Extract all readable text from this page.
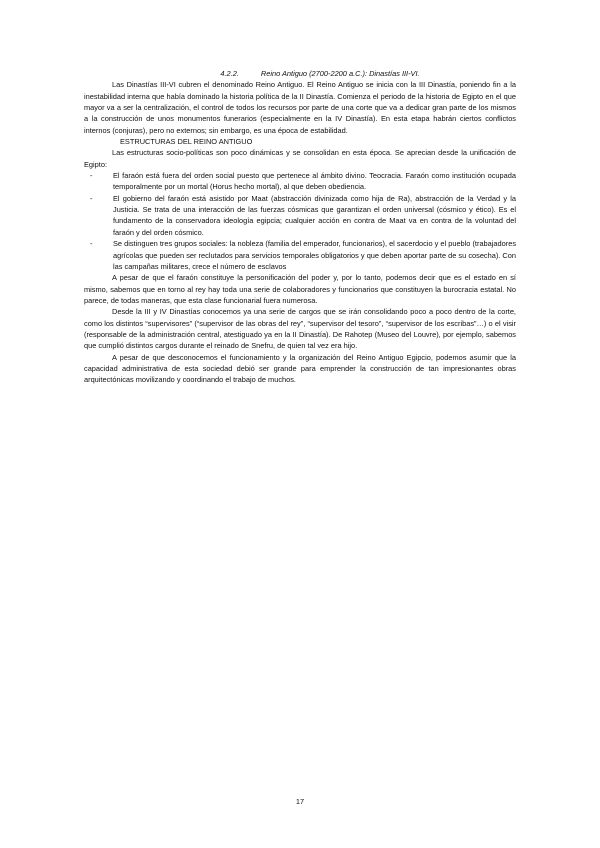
4.2.2.	Reino Antiguo (2700-2200 a.C.): Dinastías III-VI.

Las Dinastías III-VI cubren el denominado Reino Antiguo. El Reino Antiguo se inicia con la III Dinastía, poniendo fin a la inestabilidad interna que había dominado la historia política de la II Dinastía. Comienza el periodo de la historia de Egipto en el que mayor va a ser la centralización, el control de todos los recursos por parte de una corte que va a dedicar gran parte de los mismos a la construcción de unos monumentos funerarios (especialmente en la IV Dinastía). En esta etapa habrán ciertos conflictos internos (conjuras), pero no externos; sin embargo, es una época de estabilidad.

ESTRUCTURAS DEL REINO ANTIGUO

Las estructuras socio-políticas son poco dinámicas y se consolidan en esta época. Se aprecian desde la unificación de Egipto:

-	El faraón está fuera del orden social puesto que pertenece al ámbito divino. Teocracia. Faraón como institución ocupada temporalmente por un mortal (Horus hecho mortal), al que deben obediencia.
-	El gobierno del faraón está asistido por Maat (abstracción divinizada como hija de Ra), abstracción de la Verdad y la Justicia. Se trata de una interacción de las fuerzas cósmicas que garantizan el orden universal (cósmico y ético). Es el fundamento de la conservadora ideología egipcia; cualquier acción en contra de Maat va en contra de la voluntad del faraón y del orden cósmico.
-	Se distinguen tres grupos sociales: la nobleza (familia del emperador, funcionarios), el sacerdocio y el pueblo (trabajadores agrícolas que pueden ser reclutados para servicios temporales obligatorios y que deben aportar parte de su cosecha). Con las campañas militares, crece el número de esclavos

A pesar de que el faraón constituye la personificación del poder y, por lo tanto, podemos decir que es el estado en sí mismo, sabemos que en torno al rey hay toda una serie de colaboradores y funcionarios que constituyen la burocracia estatal. No parece, de todas maneras, que esta clase funcionarial fuera numerosa.

Desde la III y IV Dinastías conocemos ya una serie de cargos que se irán consolidando poco a poco dentro de la corte, como los distintos “supervisores” (“supervisor de las obras del rey”, “supervisor del tesoro”, “supervisor de los escribas”…) o el visir (responsable de la administración central, atestiguado ya en la II Dinastía). De Rahotep (Museo del Louvre), por ejemplo, sabemos que cumplió distintos cargos durante el reinado de Snefru, de quien tal vez era hijo.

A pesar de que desconocemos el funcionamiento y la organización del Reino Antiguo Egipcio, podemos asumir que la capacidad administrativa de esta sociedad debió ser grande para emprender la construcción de tan impresionantes obras arquitectónicas movilizando y coordinando el trabajo de muchos.

17
